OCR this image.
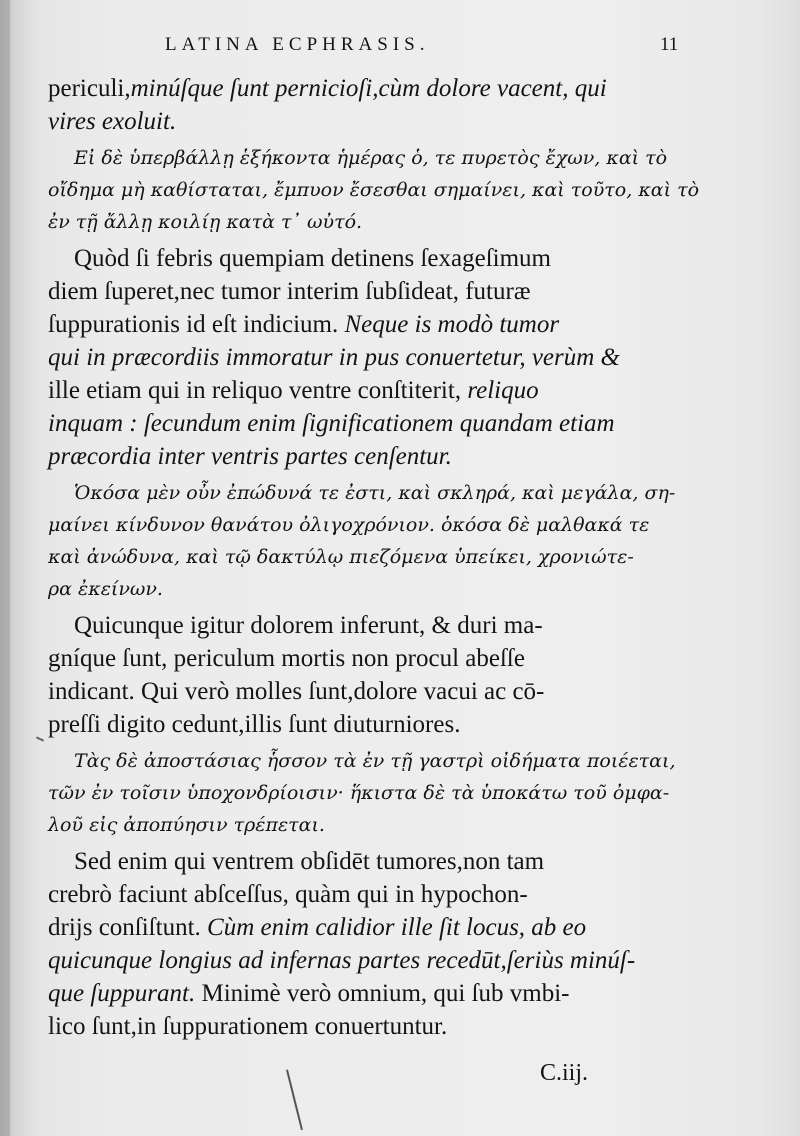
LATINA ECPHRASIS.	11
periculi,minúſque ſunt pernicioſi,cùm dolore vacent, qui
vires exoluit.
Εἰ δὲ ὑπερβάλλῃ ἑξήκοντα ἡμέρας ὁ, τε πυρετὸς ἔχων, καὶ τὸ
οἴδημα μὴ καθίσταται, ἔμπυον ἔσεσθαι σημαίνει, καὶ τοῦτο, καὶ τὸ
ἐν τῇ ἄλλῃ κοιλίῃ κατὰ τ᾽ ωὐτό.
Quòd ſi febris quempiam detinens ſexageſimum
diem ſuperet,nec tumor interim ſubſideat, futuræ
ſuppurationis id eſt indicium. Neque is modò tumor
qui in præcordiis immoratur in pus conuertetur, verùm &
ille etiam qui in reliquo ventre conſtiterit, reliquo
inquam : ſecundum enim ſignificationem quandam etiam
præcordia inter ventris partes cenſentur.
Ὁκόσα μὲν οὖν ἐπώδυνά τε ἐστι, καὶ σκληρά, καὶ μεγάλα, ση-
μαίνει κίνδυνον θανάτου ὀλιγοχρόνιον. ὁκόσα δὲ μαλθακά τε
καὶ ἀνώδυνα, καὶ τῷ δακτύλῳ πιεζόμενα ὑπείκει, χρονιώτε-
ρα ἐκείνων.
Quicunque igitur dolorem inferunt, & duri ma-
gníque ſunt, periculum mortis non procul abeſſe
indicant. Qui verò molles ſunt,dolore vacui ac cō-
preſſi digito cedunt,illis ſunt diuturniores.
Τὰς δὲ ἀποστάσιας ἧσσον τὰ ἐν τῇ γαστρὶ οἰδήματα ποιέεται,
τῶν ἐν τοῖσιν ὑποχονδρίοισιν· ἥκιστα δὲ τὰ ὑποκάτω τοῦ ὀμφα-
λοῦ εἰς ἀποπύησιν τρέπεται.
Sed enim qui ventrem obſidēt tumores,non tam
crebrò faciunt abſceſſus, quàm qui in hypochon-
drijs conſiſtunt. Cùm enim calidior ille ſit locus, ab eo
quicunque longius ad infernas partes recedūt,ſeriùs minúſ-
que ſuppurant. Minimè verò omnium, qui ſub vmbi-
lico ſunt,in ſuppurationem conuertuntur.
C.iij.
